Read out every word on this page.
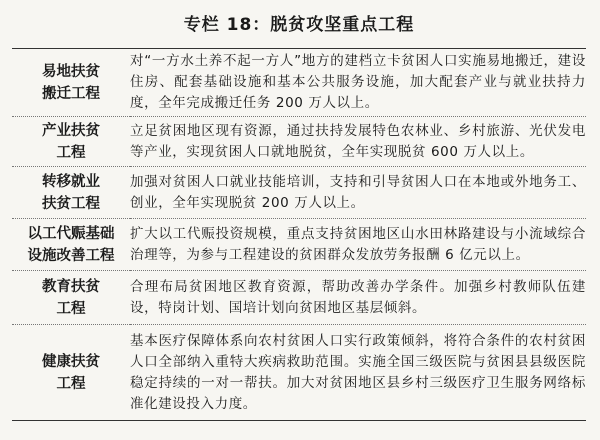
专栏 18：脱贫攻坚重点工程
易地扶贫
搬迁工程	对“一方水土养不起一方人”地方的建档立卡贫困人口实施易地搬迁，建设住房、配套基础设施和基本公共服务设施，加大配套产业与就业扶持力度，全年完成搬迁任务 200 万人以上。

产业扶贫
工程	立足贫困地区现有资源，通过扶持发展特色农林业、乡村旅游、光伏发电等产业，实现贫困人口就地脱贫，全年实现脱贫 600 万人以上。

转移就业
扶贫工程	加强对贫困人口就业技能培训，支持和引导贫困人口在本地或外地务工、创业，全年实现脱贫 200 万人以上。

以工代赈基础
设施改善工程	扩大以工代赈投资规模，重点支持贫困地区山水田林路建设与小流域综合治理等，为参与工程建设的贫困群众发放劳务报酬 6 亿元以上。

教育扶贫
工程	合理布局贫困地区教育资源，帮助改善办学条件。加强乡村教师队伍建设，特岗计划、国培计划向贫困地区基层倾斜。

健康扶贫
工程	基本医疗保障体系向农村贫困人口实行政策倾斜，将符合条件的农村贫困人口全部纳入重特大疾病救助范围。实施全国三级医院与贫困县县级医院稳定持续的一对一帮扶。加大对贫困地区县乡村三级医疗卫生服务网络标准化建设投入力度。
